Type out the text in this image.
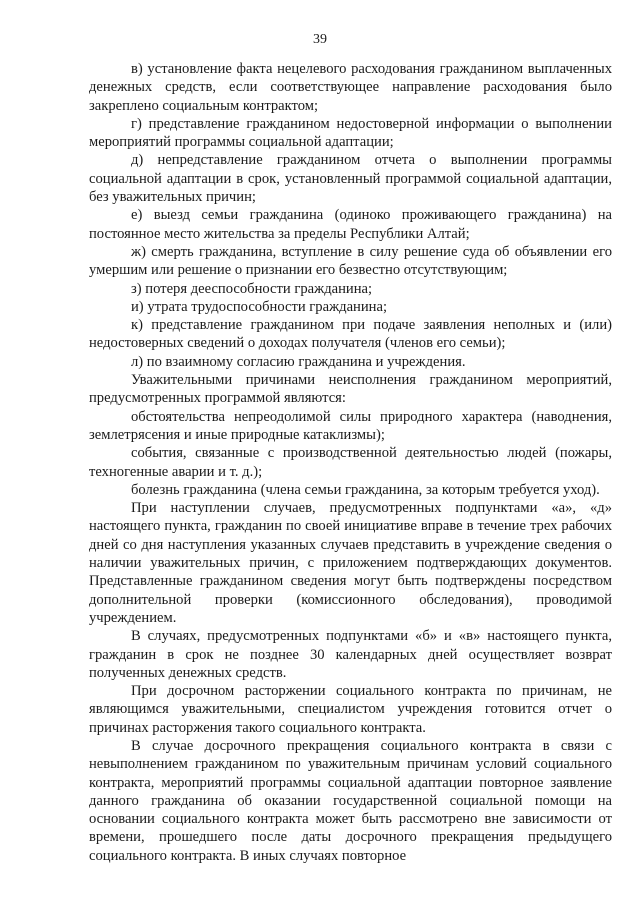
39

в) установление факта нецелевого расходования гражданином выплаченных денежных средств, если соответствующее направление расходования было закреплено социальным контрактом;

г) представление гражданином недостоверной информации о выполнении мероприятий программы социальной адаптации;

д) непредставление гражданином отчета о выполнении программы социальной адаптации в срок, установленный программой социальной адаптации, без уважительных причин;

е) выезд семьи гражданина (одиноко проживающего гражданина) на постоянное место жительства за пределы Республики Алтай;

ж) смерть гражданина, вступление в силу решение суда об объявлении его умершим или решение о признании его безвестно отсутствующим;

з) потеря дееспособности гражданина;

и) утрата трудоспособности гражданина;

к) представление гражданином при подаче заявления неполных и (или) недостоверных сведений о доходах получателя (членов его семьи);

л) по взаимному согласию гражданина и учреждения.

Уважительными причинами неисполнения гражданином мероприятий, предусмотренных программой являются:

обстоятельства непреодолимой силы природного характера (наводнения, землетрясения и иные природные катаклизмы);

события, связанные с производственной деятельностью людей (пожары, техногенные аварии и т. д.);

болезнь гражданина (члена семьи гражданина, за которым требуется уход).

При наступлении случаев, предусмотренных подпунктами «а», «д» настоящего пункта, гражданин по своей инициативе вправе в течение трех рабочих дней со дня наступления указанных случаев представить в учреждение сведения о наличии уважительных причин, с приложением подтверждающих документов. Представленные гражданином сведения могут быть подтверждены посредством дополнительной проверки (комиссионного обследования), проводимой учреждением.

В случаях, предусмотренных подпунктами «б» и «в» настоящего пункта, гражданин в срок не позднее 30 календарных дней осуществляет возврат полученных денежных средств.

При досрочном расторжении социального контракта по причинам, не являющимся уважительными, специалистом учреждения готовится отчет о причинах расторжения такого социального контракта.

В случае досрочного прекращения социального контракта в связи с невыполнением гражданином по уважительным причинам условий социального контракта, мероприятий программы социальной адаптации повторное заявление данного гражданина об оказании государственной социальной помощи на основании социального контракта может быть рассмотрено вне зависимости от времени, прошедшего после даты досрочного прекращения предыдущего социального контракта. В иных случаях повторное
